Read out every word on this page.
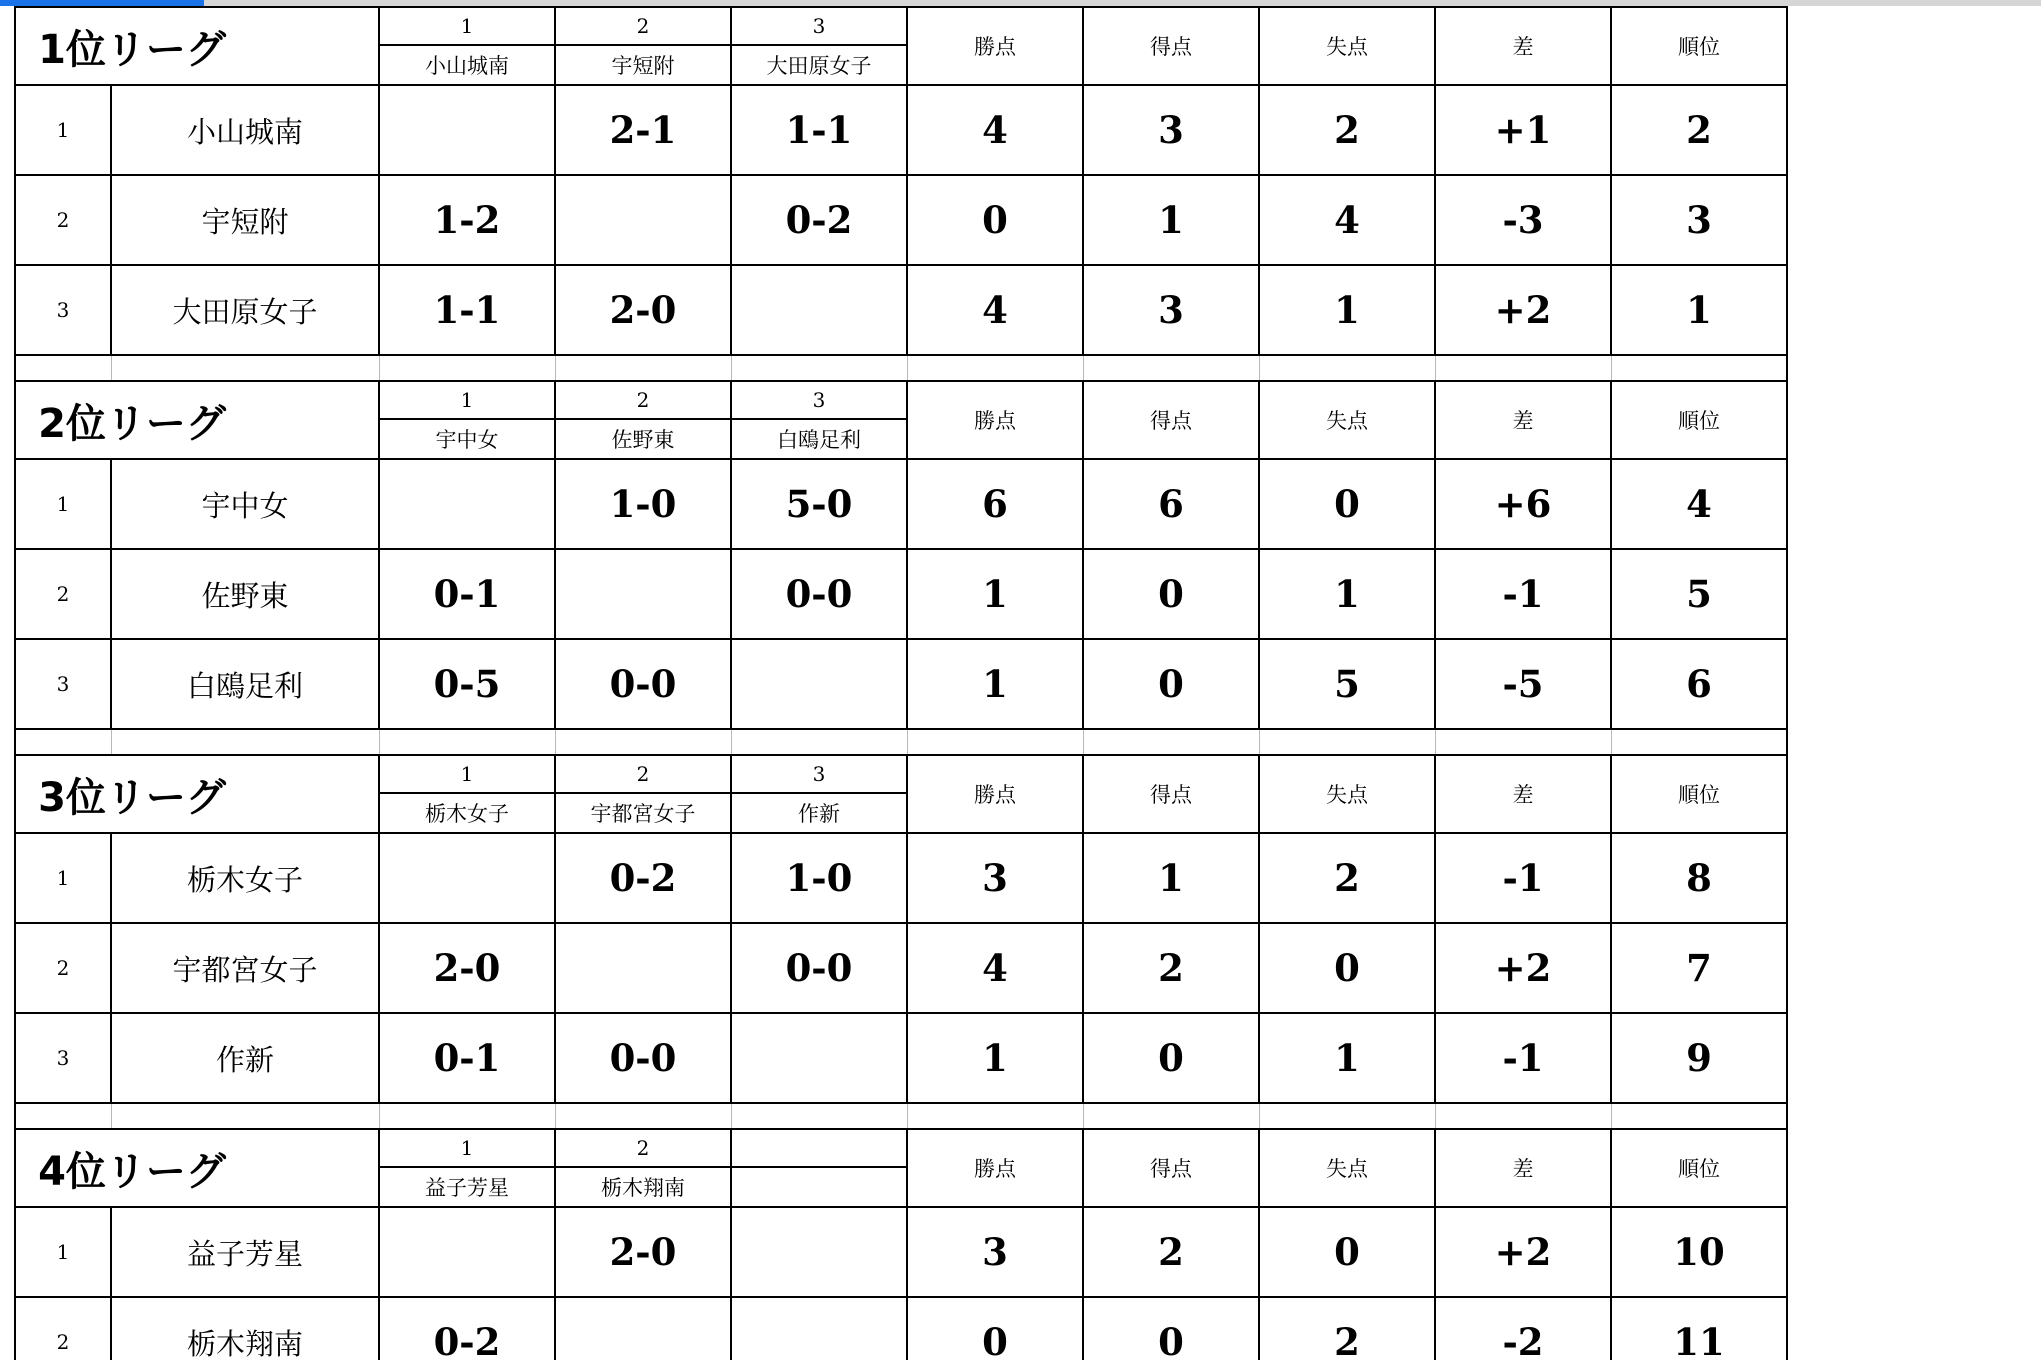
1位リーグ		1	2	3	勝点	得点	失点	差	順位
		小山城南	宇短附	大田原女子					
1	小山城南		2-1	1-1	4	3	2	+1	2
2	宇短附	1-2		0-2	0	1	4	-3	3
3	大田原女子	1-1	2-0		4	3	1	+2	1

2位リーグ		1	2	3	勝点	得点	失点	差	順位
		宇中女	佐野東	白鴎足利					
1	宇中女		1-0	5-0	6	6	0	+6	4
2	佐野東	0-1		0-0	1	0	1	-1	5
3	白鴎足利	0-5	0-0		1	0	5	-5	6

3位リーグ		1	2	3	勝点	得点	失点	差	順位
		栃木女子	宇都宮女子	作新					
1	栃木女子		0-2	1-0	3	1	2	-1	8
2	宇都宮女子	2-0		0-0	4	2	0	+2	7
3	作新	0-1	0-0		1	0	1	-1	9

4位リーグ		1	2		勝点	得点	失点	差	順位
		益子芳星	栃木翔南						
1	益子芳星		2-0		3	2	0	+2	10
2	栃木翔南	0-2			0	0	2	-2	11
